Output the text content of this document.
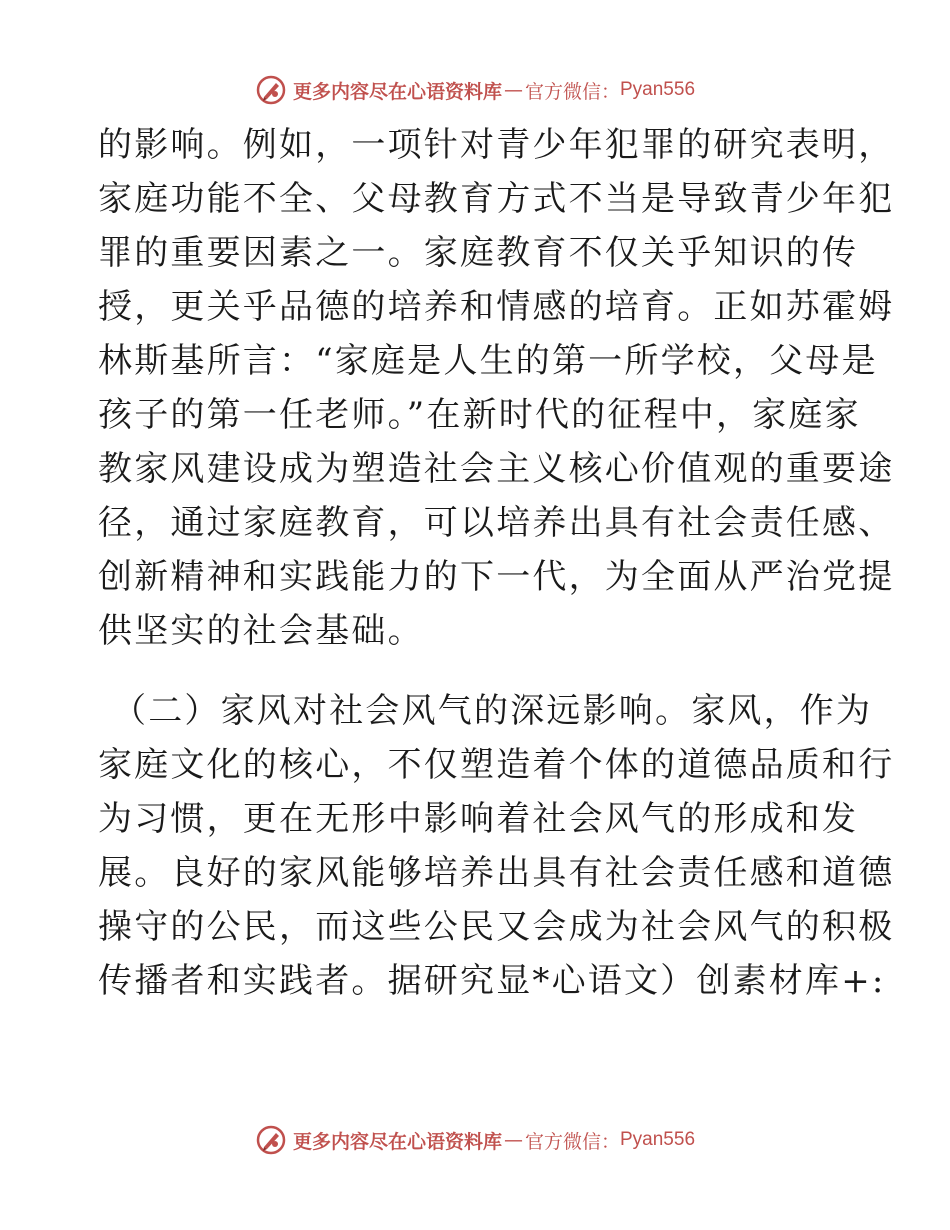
更多内容尽在心语资料库 — 官方微信： Pyan556
的影响。例如，一项针对青少年犯罪的研究表明，
家庭功能不全、父母教育方式不当是导致青少年犯
罪的重要因素之一。家庭教育不仅关乎知识的传
授，更关乎品德的培养和情感的培育。正如苏霍姆
林斯基所言：“家庭是人生的第一所学校，父母是
孩子的第一任老师。”在新时代的征程中，家庭家
教家风建设成为塑造社会主义核心价值观的重要途
径，通过家庭教育，可以培养出具有社会责任感、
创新精神和实践能力的下一代，为全面从严治党提
供坚实的社会基础。
（二）家风对社会风气的深远影响。家风，作为
家庭文化的核心，不仅塑造着个体的道德品质和行
为习惯，更在无形中影响着社会风气的形成和发
展。良好的家风能够培养出具有社会责任感和道德
操守的公民，而这些公民又会成为社会风气的积极
传播者和实践者。据研究显*心语文）创素材库+:
更多内容尽在心语资料库 — 官方微信： Pyan556
